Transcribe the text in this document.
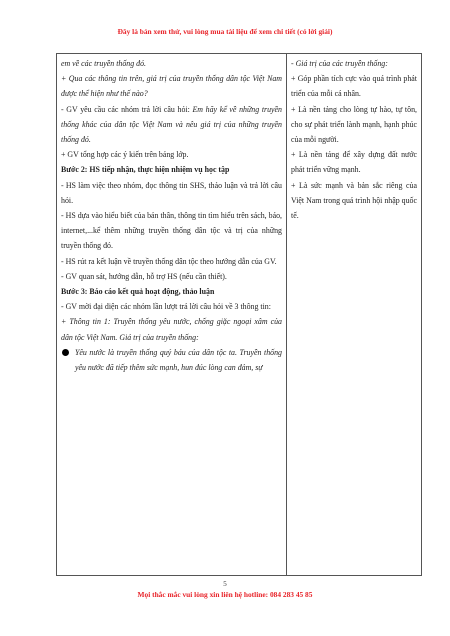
Đây là bản xem thử, vui lòng mua tài liệu để xem chi tiết (có lời giải)

em về các truyền thống đó.

+ Qua các thông tin trên, giá trị của truyền thống dân tộc Việt Nam được thể hiện như thế nào?

- GV yêu cầu các nhóm trả lời câu hỏi: Em hãy kể về những truyền thống khác của dân tộc Việt Nam và nêu giá trị của những truyền thống đó.

+ GV tổng hợp các ý kiến trên bảng lớp.

Bước 2: HS tiếp nhận, thực hiện nhiệm vụ học tập

- HS làm việc theo nhóm, đọc thông tin SHS, thảo luận và trả lời câu hỏi.

- HS dựa vào hiểu biết của bản thân, thông tin tìm hiểu trên sách, báo, internet,...kể thêm những truyền thống dân tộc và trị của những truyền thống đó.

- HS rút ra kết luận về truyền thống dân tộc theo hướng dẫn của GV.

- GV quan sát, hướng dẫn, hỗ trợ HS (nếu cần thiết).

Bước 3: Báo cáo kết quả hoạt động, thảo luận

- GV mời đại diện các nhóm lần lượt trả lời câu hỏi về 3 thông tin:

+ Thông tin 1: Truyền thống yêu nước, chống giặc ngoại xâm của dân tộc Việt Nam. Giá trị của truyền thống:

Yêu nước là truyền thống quý báu của dân tộc ta. Truyền thống yêu nước đã tiếp thêm sức mạnh, hun đúc lòng can đảm, sự

- Giá trị của các truyền thống:

+ Góp phần tích cực vào quá trình phát triển của mỗi cá nhân.

+ Là nền tảng cho lòng tự hào, tự tôn, cho sự phát triển lành mạnh, hạnh phúc của mỗi người.

+ Là nền tảng để xây dựng đất nước phát triển vững mạnh.

+ Là sức mạnh và bản sắc riêng của Việt Nam trong quá trình hội nhập quốc tế.

5
Mọi thắc mắc vui lòng xin liên hệ hotline: 084 283 45 85
